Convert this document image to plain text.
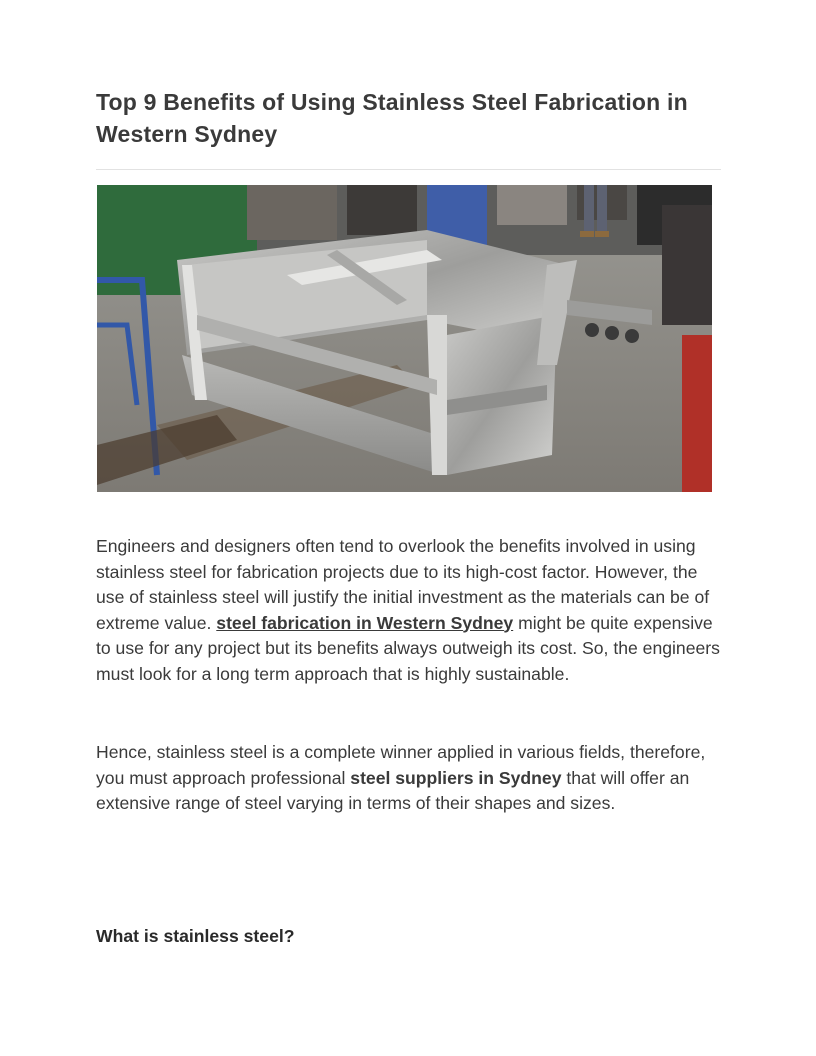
Top 9 Benefits of Using Stainless Steel Fabrication in Western Sydney

Engineers and designers often tend to overlook the benefits involved in using stainless steel for fabrication projects due to its high-cost factor. However, the use of stainless steel will justify the initial investment as the materials can be of extreme value. steel fabrication in Western Sydney might be quite expensive to use for any project but its benefits always outweigh its cost. So, the engineers must look for a long term approach that is highly sustainable.

Hence, stainless steel is a complete winner applied in various fields, therefore, you must approach professional steel suppliers in Sydney that will offer an extensive range of steel varying in terms of their shapes and sizes.

What is stainless steel?
